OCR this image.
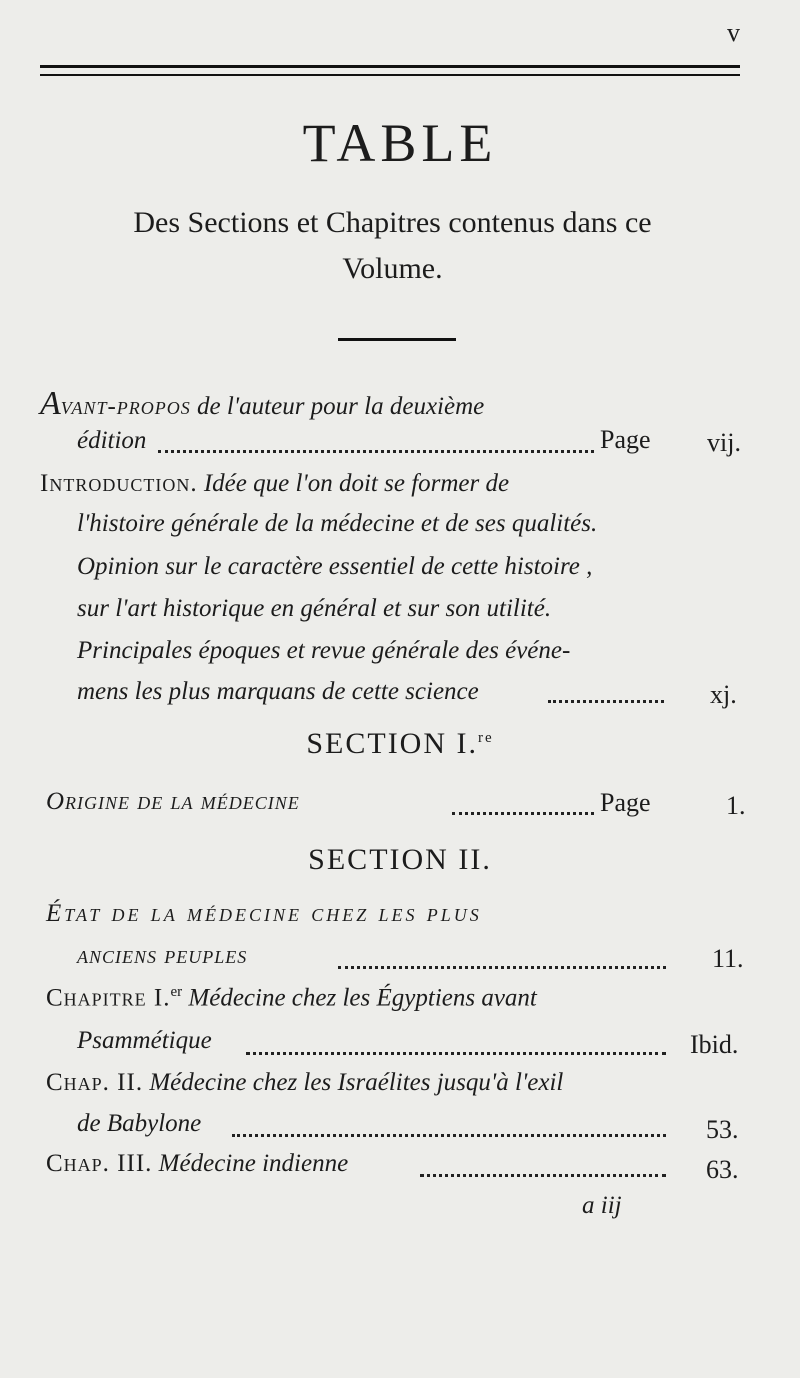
v
TABLE
Des Sections et Chapitres contenus dans ce
Volume.
Avant-propos de l'auteur pour la deuxième
édition	Page vij.
Introduction. Idée que l'on doit se former de
l'histoire générale de la médecine et de ses qualités.
Opinion sur le caractère essentiel de cette histoire ,
sur l'art historique en général et sur son utilité.
Principales époques et revue générale des événe-
mens les plus marquans de cette science	xj.
SECTION I.$^{re}$
Origine de la médecine	Page	1.
SECTION II.
État de la médecine chez les plus
anciens peuples	11.
Chapitre I.$^{er}$ Médecine chez les Égyptiens avant
Psammétique	Ibid.
Chap. II. Médecine chez les Israélites jusqu'à l'exil
de Babylone	53.
Chap. III. Médecine indienne	63.
a iij
